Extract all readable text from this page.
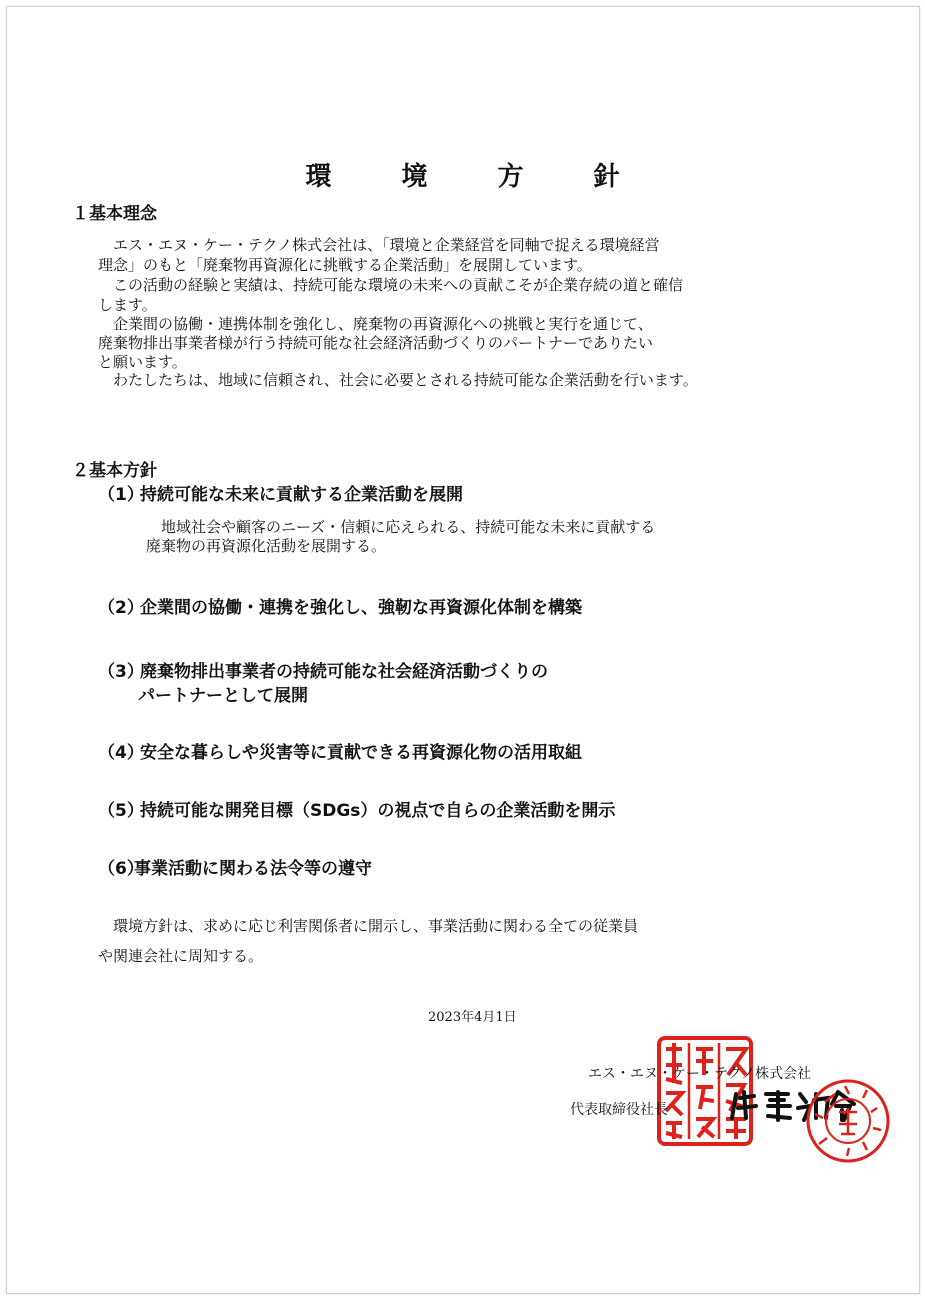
環　境　方　針
１基本理念
　エス・エヌ・ケー・テクノ株式会社は、「環境と企業経営を同軸で捉える環境経営
理念」のもと「廃棄物再資源化に挑戦する企業活動」を展開しています。
　この活動の経験と実績は、持続可能な環境の未来への貢献こそが企業存続の道と確信
します。
　企業間の協働・連携体制を強化し、廃棄物の再資源化への挑戦と実行を通じて、
廃棄物排出事業者様が行う持続可能な社会経済活動づくりのパートナーでありたい
と願います。
　わたしたちは、地域に信頼され、社会に必要とされる持続可能な企業活動を行います。
２基本方針
（1）持続可能な未来に貢献する企業活動を展開
　地域社会や顧客のニーズ・信頼に応えられる、持続可能な未来に貢献する
廃棄物の再資源化活動を展開する。
（2）企業間の協働・連携を強化し、強靭な再資源化体制を構築
（3）廃棄物排出事業者の持続可能な社会経済活動づくりの
パートナーとして展開
（4）安全な暮らしや災害等に貢献できる再資源化物の活用取組
（5）持続可能な開発目標（SDGs）の視点で自らの企業活動を開示
（6）事業活動に関わる法令等の遵守
　環境方針は、求めに応じ利害関係者に開示し、事業活動に関わる全ての従業員
や関連会社に周知する。
2023年4月1日
エス・エヌ・ケー・テクノ株式会社
代表取締役社長
